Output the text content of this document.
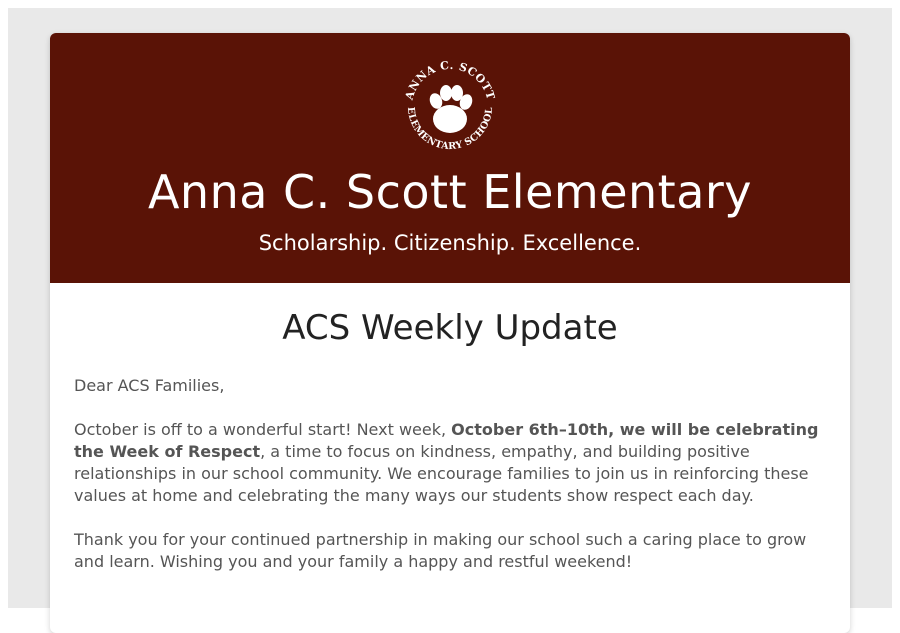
ANNA C. SCOTT
ELEMENTARY SCHOOL
Anna C. Scott Elementary

Scholarship. Citizenship. Excellence.

ACS Weekly Update

Dear ACS Families,

October is off to a wonderful start! Next week, October 6th–10th, we will be celebrating the Week of Respect, a time to focus on kindness, empathy, and building positive relationships in our school community. We encourage families to join us in reinforcing these values at home and celebrating the many ways our students show respect each day.

Thank you for your continued partnership in making our school such a caring place to grow and learn. Wishing you and your family a happy and restful weekend!
